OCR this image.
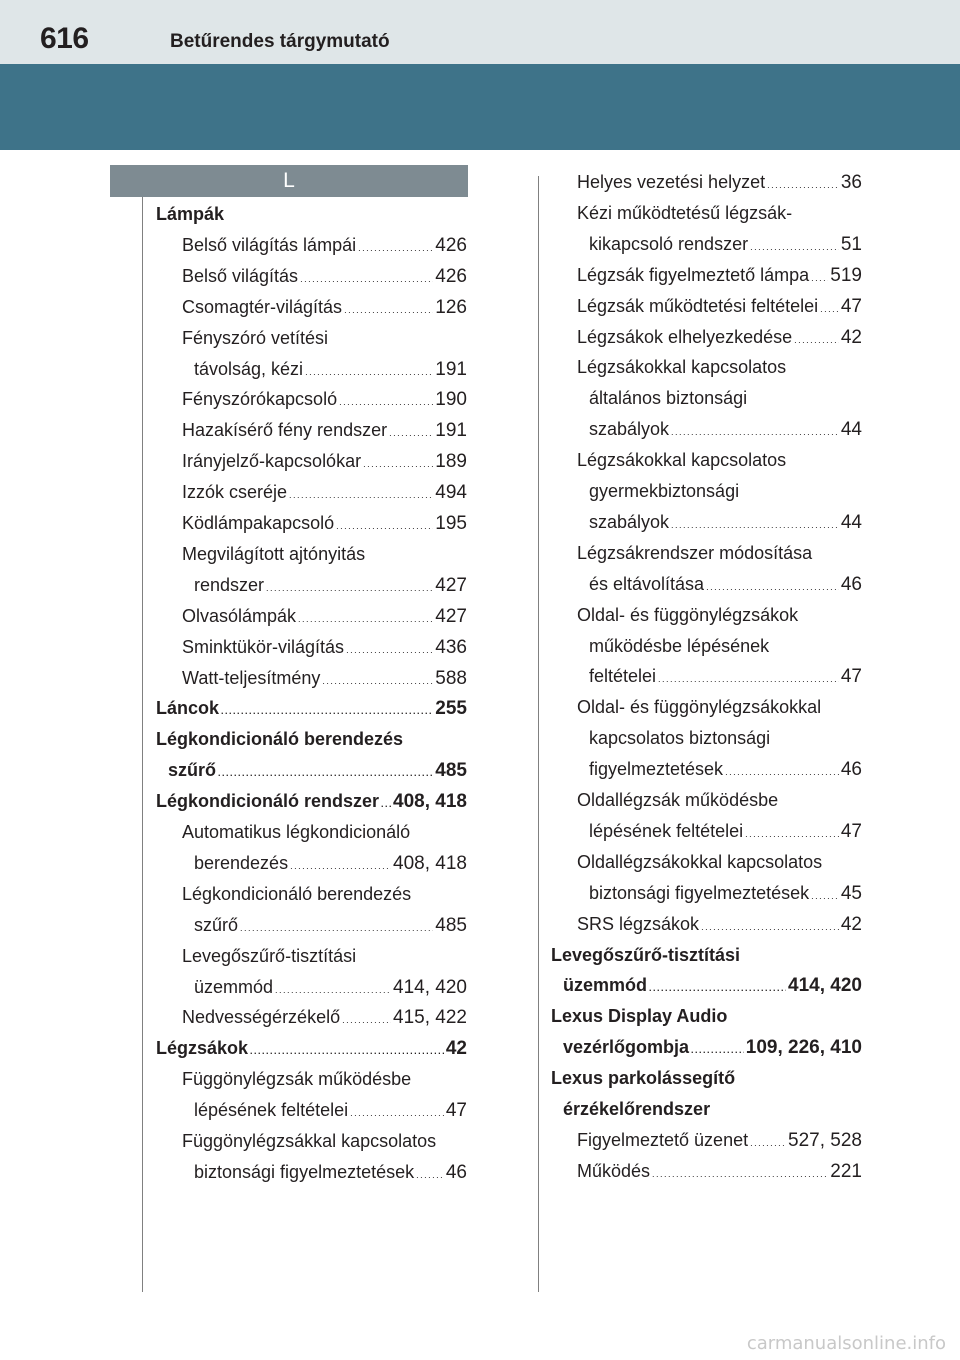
616	Betűrendes tárgymutató
L
Lámpák
Belső világítás lámpái .....	426
Belső világítás .....	426
Csomagtér-világítás .....	126
Fényszóró vetítési
távolság, kézi .....	191
Fényszórókapcsoló .....	190
Hazakísérő fény rendszer .....	191
Irányjelző-kapcsolókar .....	189
Izzók cseréje .....	494
Ködlámpakapcsoló .....	195
Megvilágított ajtónyitás
rendszer .....	427
Olvasólámpák .....	427
Sminktükör-világítás .....	436
Watt-teljesítmény .....	588
Láncok .....	255
Légkondicionáló berendezés
szűrő .....	485
Légkondicionáló rendszer ..... 408, 418
Automatikus légkondicionáló
berendezés .....	408, 418
Légkondicionáló berendezés
szűrő .....	485
Levegőszűrő-tisztítási
üzemmód .....	414, 420
Nedvességérzékelő .....	415, 422
Légzsákok .....	42
Függönylégzsák működésbe
lépésének feltételei .....	47
Függönylégzsákkal kapcsolatos
biztonsági figyelmeztetések ..... 46
Helyes vezetési helyzet .....	36
Kézi működtetésű légzsák-
kikapcsoló rendszer .....	51
Légzsák figyelmeztető lámpa ..... 519
Légzsák működtetési feltételei ..... 47
Légzsákok elhelyezkedése .....	42
Légzsákokkal kapcsolatos
általános biztonsági
szabályok .....	44
Légzsákokkal kapcsolatos
gyermekbiztonsági
szabályok .....	44
Légzsákrendszer módosítása
és eltávolítása .....	46
Oldal- és függönylégzsákok
működésbe lépésének
feltételei .....	47
Oldal- és függönylégzsákokkal
kapcsolatos biztonsági
figyelmeztetések .....	46
Oldallégzsák működésbe
lépésének feltételei .....	47
Oldallégzsákokkal kapcsolatos
biztonsági figyelmeztetések ..... 45
SRS légzsákok .....	42
Levegőszűrő-tisztítási
üzemmód .....	414, 420
Lexus Display Audio
vezérlőgombja .....	109, 226, 410
Lexus parkolássegítő
érzékelőrendszer
Figyelmeztető üzenet ..... 527, 528
Működés .....	221
carmanualsonline.info
